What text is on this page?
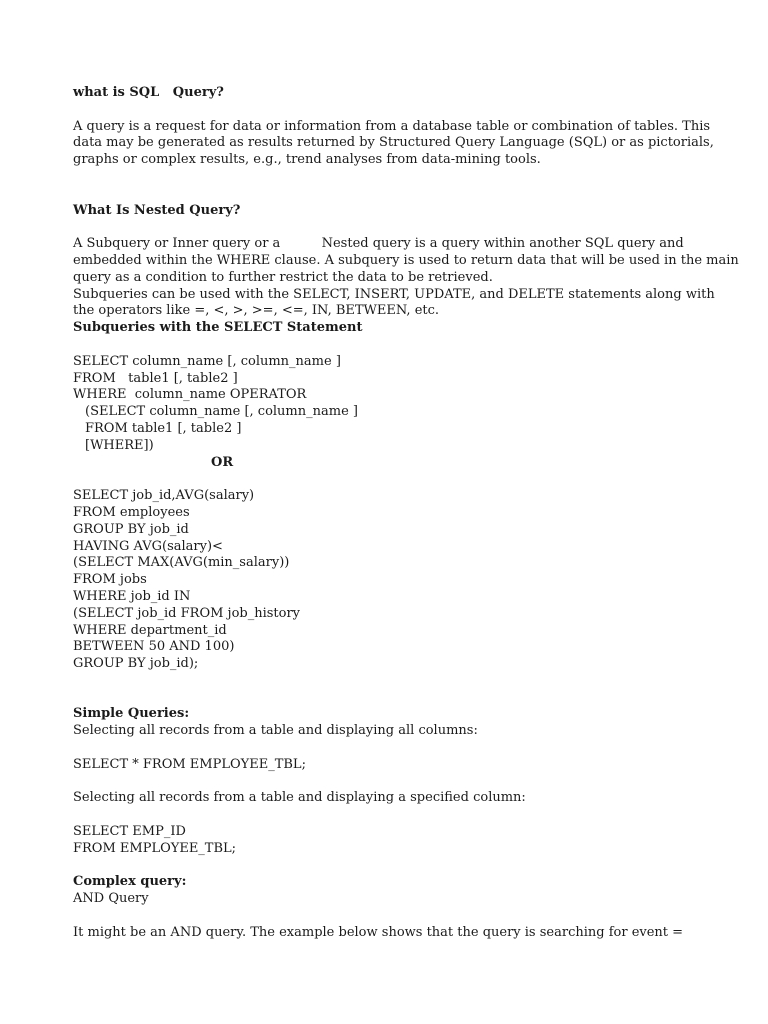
what is SQL   Query?

A query is a request for data or information from a database table or combination of tables. This

data may be generated as results returned by Structured Query Language (SQL) or as pictorials,

graphs or complex results, e.g., trend analyses from data-mining tools.

What Is Nested Query?

A Subquery or Inner query or a          Nested query is a query within another SQL query and

embedded within the WHERE clause. A subquery is used to return data that will be used in the main

query as a condition to further restrict the data to be retrieved.

Subqueries can be used with the SELECT, INSERT, UPDATE, and DELETE statements along with

the operators like =, <, >, >=, <=, IN, BETWEEN, etc.

Subqueries with the SELECT Statement

SELECT column_name [, column_name ]

FROM   table1 [, table2 ]

WHERE  column_name OPERATOR

(SELECT column_name [, column_name ]

FROM table1 [, table2 ]

[WHERE])

OR

SELECT job_id,AVG(salary)

FROM employees

GROUP BY job_id

HAVING AVG(salary)<

(SELECT MAX(AVG(min_salary))

FROM jobs

WHERE job_id IN

(SELECT job_id FROM job_history

WHERE department_id

BETWEEN 50 AND 100)

GROUP BY job_id);

Simple Queries:

Selecting all records from a table and displaying all columns:

SELECT * FROM EMPLOYEE_TBL;

Selecting all records from a table and displaying a specified column:

SELECT EMP_ID

FROM EMPLOYEE_TBL;

Complex query:

AND Query

It might be an AND query. The example below shows that the query is searching for event =
